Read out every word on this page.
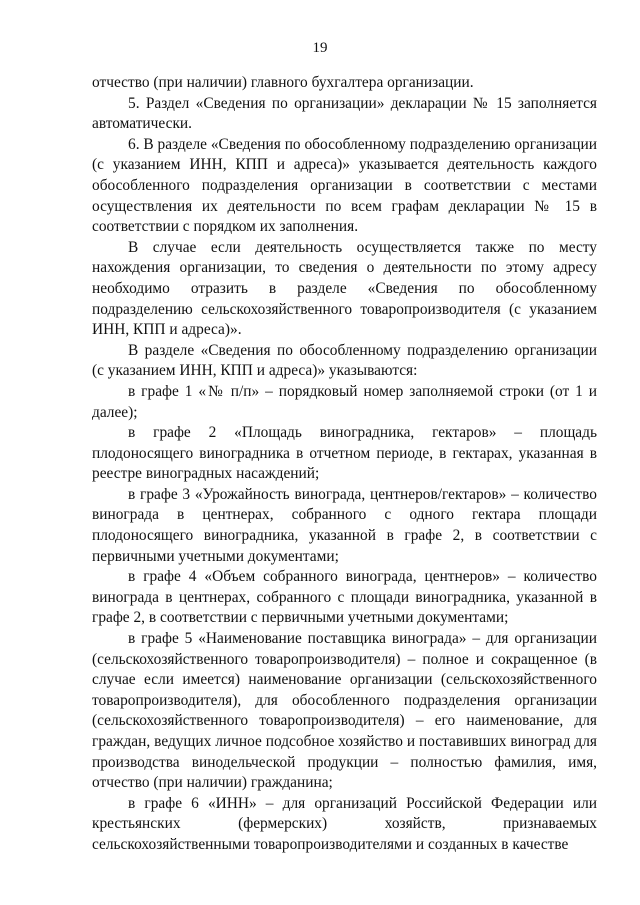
19

отчество (при наличии) главного бухгалтера организации.

5. Раздел «Сведения по организации» декларации № 15 заполняется автоматически.

6. В разделе «Сведения по обособленному подразделению организации (с указанием ИНН, КПП и адреса)» указывается деятельность каждого обособленного подразделения организации в соответствии с местами осуществления их деятельности по всем графам декларации № 15 в соответствии с порядком их заполнения.

В случае если деятельность осуществляется также по месту нахождения организации, то сведения о деятельности по этому адресу необходимо отразить в разделе «Сведения по обособленному подразделению сельскохозяйственного товаропроизводителя (с указанием ИНН, КПП и адреса)».

В разделе «Сведения по обособленному подразделению организации (с указанием ИНН, КПП и адреса)» указываются:

в графе 1 «№ п/п» – порядковый номер заполняемой строки (от 1 и далее);

в графе 2 «Площадь виноградника, гектаров» – площадь плодоносящего виноградника в отчетном периоде, в гектарах, указанная в реестре виноградных насаждений;

в графе 3 «Урожайность винограда, центнеров/гектаров» – количество винограда в центнерах, собранного с одного гектара площади плодоносящего виноградника, указанной в графе 2, в соответствии с первичными учетными документами;

в графе 4 «Объем собранного винограда, центнеров» – количество винограда в центнерах, собранного с площади виноградника, указанной в графе 2, в соответствии с первичными учетными документами;

в графе 5 «Наименование поставщика винограда» – для организации (сельскохозяйственного товаропроизводителя) – полное и сокращенное (в случае если имеется) наименование организации (сельскохозяйственного товаропроизводителя), для обособленного подразделения организации (сельскохозяйственного товаропроизводителя) – его наименование, для граждан, ведущих личное подсобное хозяйство и поставивших виноград для производства винодельческой продукции – полностью фамилия, имя, отчество (при наличии) гражданина;

в графе 6 «ИНН» – для организаций Российской Федерации или крестьянских (фермерских) хозяйств, признаваемых сельскохозяйственными товаропроизводителями и созданных в качестве
